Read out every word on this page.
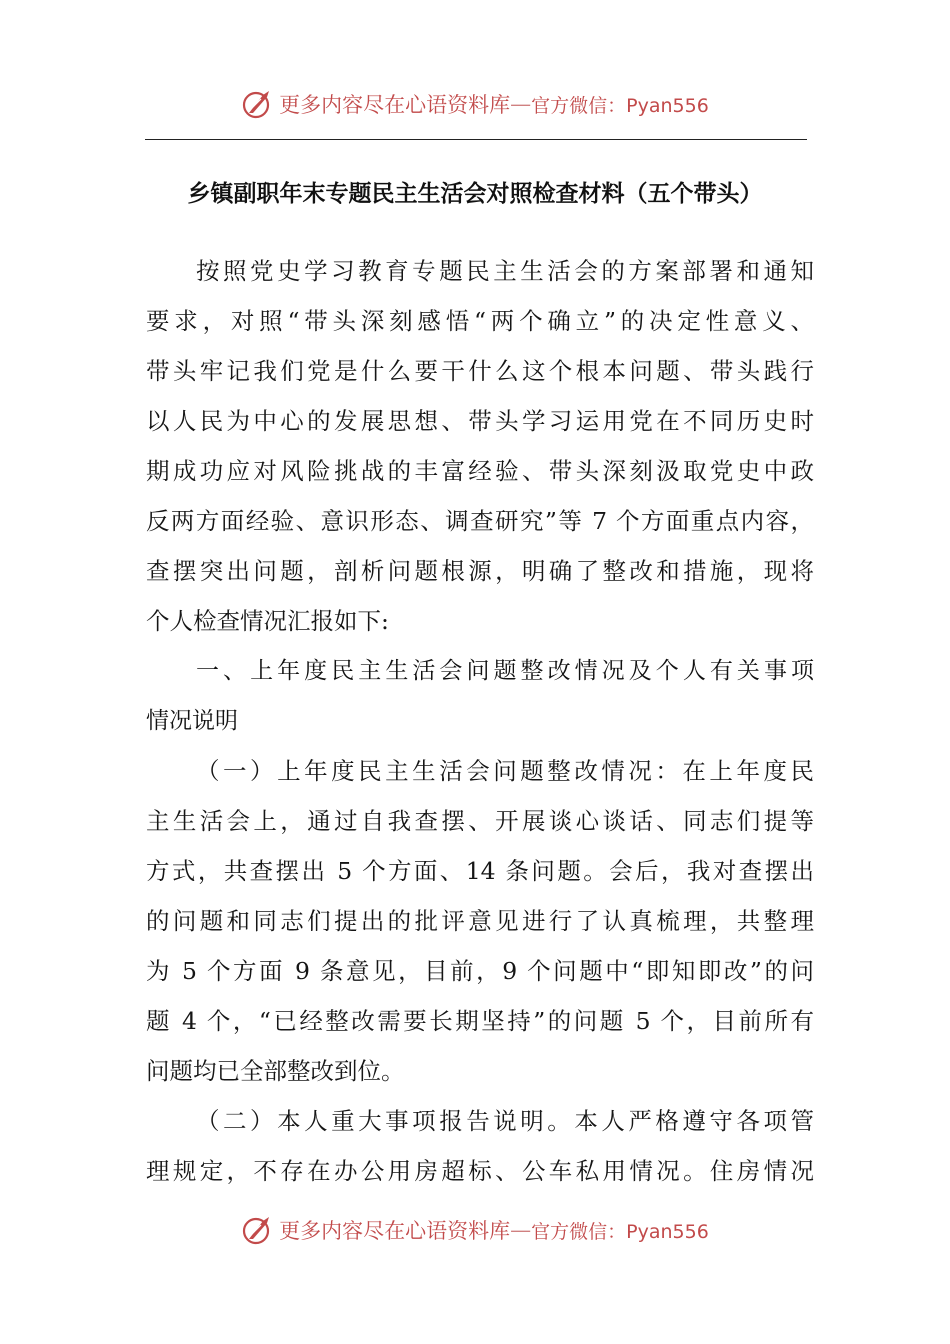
更多内容尽在心语资料库 — 官方微信：Pyan556
乡镇副职年末专题民主生活会对照检查材料（五个带头）
按照党史学习教育专题民主生活会的方案部署和通知
要求，对照“带头深刻感悟“两个确立”的决定性意义、
带头牢记我们党是什么要干什么这个根本问题、带头践行
以人民为中心的发展思想、带头学习运用党在不同历史时
期成功应对风险挑战的丰富经验、带头深刻汲取党史中政
反两方面经验、意识形态、调查研究”等 7 个方面重点内容，
查摆突出问题，剖析问题根源，明确了整改和措施，现将
个人检查情况汇报如下:
一、上年度民主生活会问题整改情况及个人有关事项
情况说明
（一）上年度民主生活会问题整改情况：在上年度民
主生活会上，通过自我查摆、开展谈心谈话、同志们提等
方式，共查摆出 5 个方面、14 条问题。会后，我对查摆出
的问题和同志们提出的批评意见进行了认真梳理，共整理
为 5 个方面 9 条意见，目前，9 个问题中“即知即改”的问
题 4 个，“已经整改需要长期坚持”的问题 5 个，目前所有
问题均已全部整改到位。
（二）本人重大事项报告说明。本人严格遵守各项管
理规定，不存在办公用房超标、公车私用情况。住房情况
更多内容尽在心语资料库 — 官方微信：Pyan556
